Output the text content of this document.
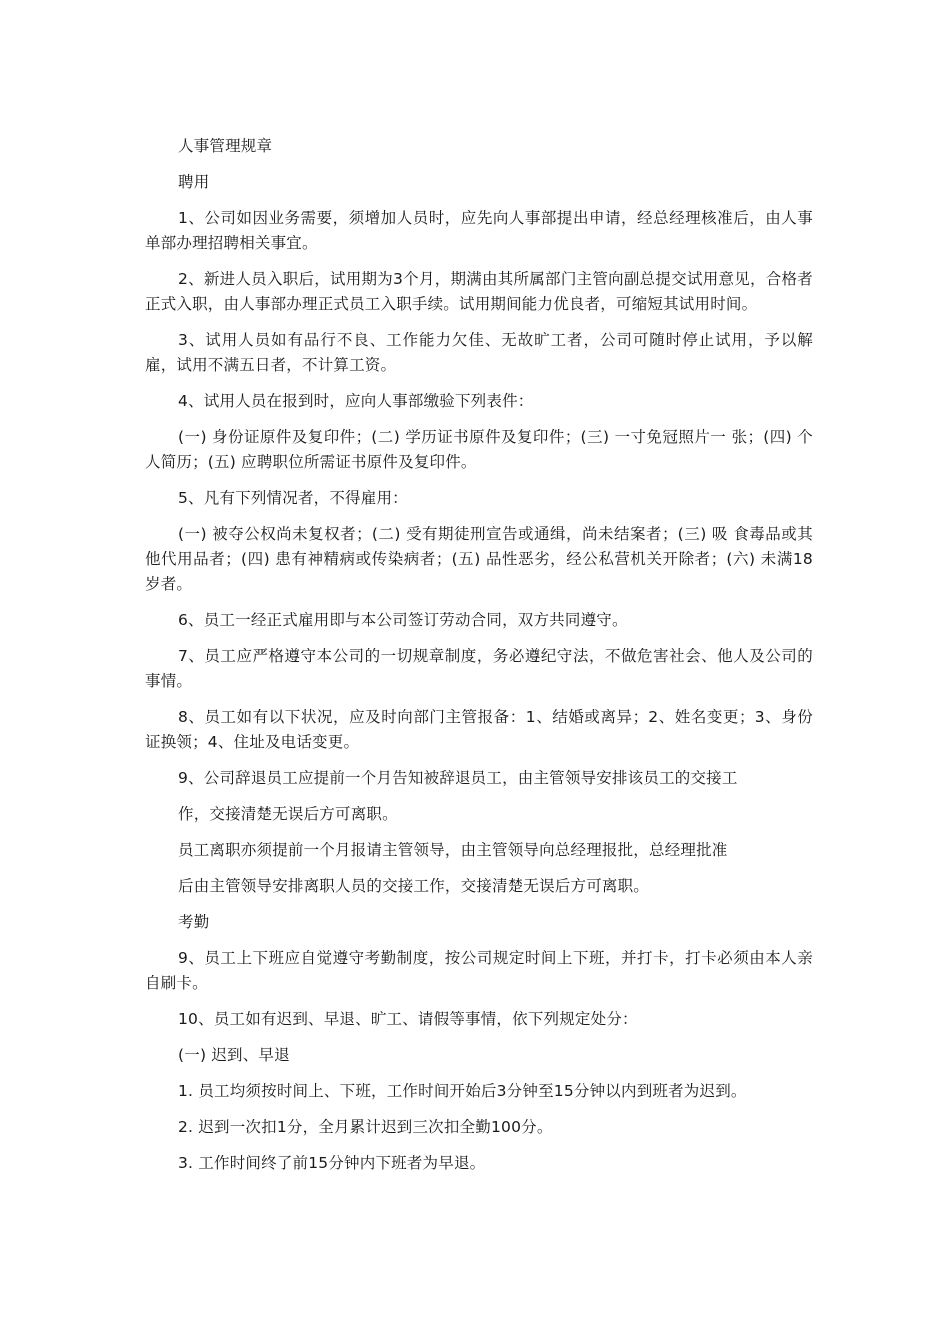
人事管理规章

聘用

1、公司如因业务需要，须增加人员时，应先向人事部提出申请，经总经理核准后，由人事单部办理招聘相关事宜。

2、新进人员入职后，试用期为3个月，期满由其所属部门主管向副总提交试用意见，合格者正式入职，由人事部办理正式员工入职手续。试用期间能力优良者，可缩短其试用时间。

3、试用人员如有品行不良、工作能力欠佳、无故旷工者，公司可随时停止试用，予以解雇，试用不满五日者，不计算工资。

4、试用人员在报到时，应向人事部缴验下列表件：

(一) 身份证原件及复印件；(二) 学历证书原件及复印件；(三) 一寸免冠照片一 张；(四) 个人简历；(五) 应聘职位所需证书原件及复印件。

5、凡有下列情况者，不得雇用：

(一) 被夺公权尚未复权者；(二) 受有期徒刑宣告或通缉，尚未结案者；(三) 吸 食毒品或其他代用品者；(四) 患有神精病或传染病者；(五) 品性恶劣，经公私营机关开除者；(六) 未满18岁者。

6、员工一经正式雇用即与本公司签订劳动合同，双方共同遵守。

7、员工应严格遵守本公司的一切规章制度，务必遵纪守法，不做危害社会、他人及公司的事情。

8、员工如有以下状况，应及时向部门主管报备：1、结婚或离异；2、姓名变更；3、身份证换领；4、住址及电话变更。

9、公司辞退员工应提前一个月告知被辞退员工，由主管领导安排该员工的交接工

作，交接清楚无误后方可离职。

员工离职亦须提前一个月报请主管领导，由主管领导向总经理报批，总经理批准

后由主管领导安排离职人员的交接工作，交接清楚无误后方可离职。

考勤

9、员工上下班应自觉遵守考勤制度，按公司规定时间上下班，并打卡，打卡必须由本人亲自刷卡。

10、员工如有迟到、早退、旷工、请假等事情，依下列规定处分：

(一) 迟到、早退

1. 员工均须按时间上、下班，工作时间开始后3分钟至15分钟以内到班者为迟到。

2. 迟到一次扣1分，全月累计迟到三次扣全勤100分。

3. 工作时间终了前15分钟内下班者为早退。
